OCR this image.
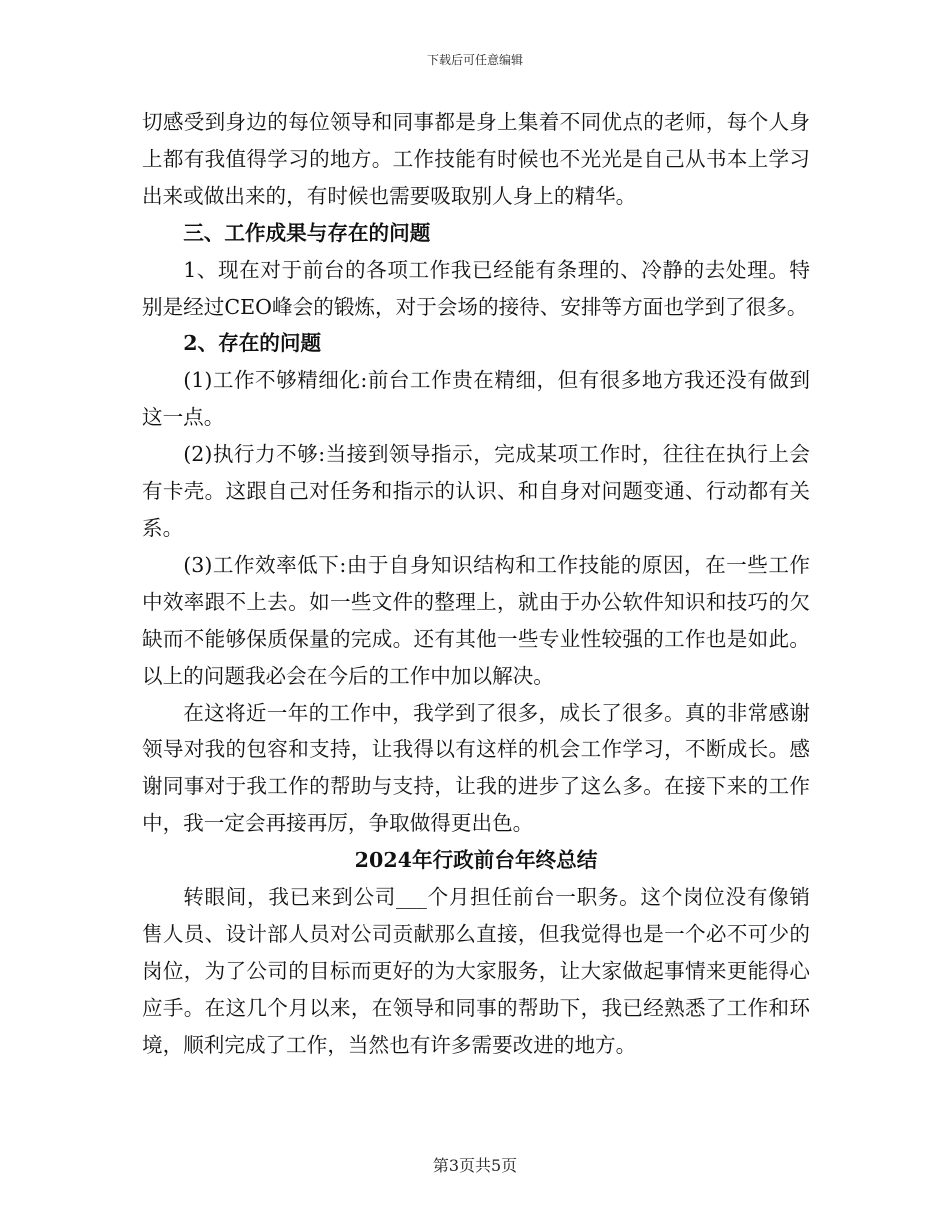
下载后可任意编辑

切感受到身边的每位领导和同事都是身上集着不同优点的老师，每个人身上都有我值得学习的地方。工作技能有时候也不光光是自己从书本上学习出来或做出来的，有时候也需要吸取别人身上的精华。

三、工作成果与存在的问题

1、现在对于前台的各项工作我已经能有条理的、冷静的去处理。特别是经过CEO峰会的锻炼，对于会场的接待、安排等方面也学到了很多。

2、存在的问题

(1)工作不够精细化:前台工作贵在精细，但有很多地方我还没有做到这一点。

(2)执行力不够:当接到领导指示，完成某项工作时，往往在执行上会有卡壳。这跟自己对任务和指示的认识、和自身对问题变通、行动都有关系。

(3)工作效率低下:由于自身知识结构和工作技能的原因，在一些工作中效率跟不上去。如一些文件的整理上，就由于办公软件知识和技巧的欠缺而不能够保质保量的完成。还有其他一些专业性较强的工作也是如此。以上的问题我必会在今后的工作中加以解决。

在这将近一年的工作中，我学到了很多，成长了很多。真的非常感谢领导对我的包容和支持，让我得以有这样的机会工作学习，不断成长。感谢同事对于我工作的帮助与支持，让我的进步了这么多。在接下来的工作中，我一定会再接再厉，争取做得更出色。

2024年行政前台年终总结

转眼间，我已来到公司___个月担任前台一职务。这个岗位没有像销售人员、设计部人员对公司贡献那么直接，但我觉得也是一个必不可少的岗位，为了公司的目标而更好的为大家服务，让大家做起事情来更能得心应手。在这几个月以来，在领导和同事的帮助下，我已经熟悉了工作和环境，顺利完成了工作，当然也有许多需要改进的地方。

第3页共5页
